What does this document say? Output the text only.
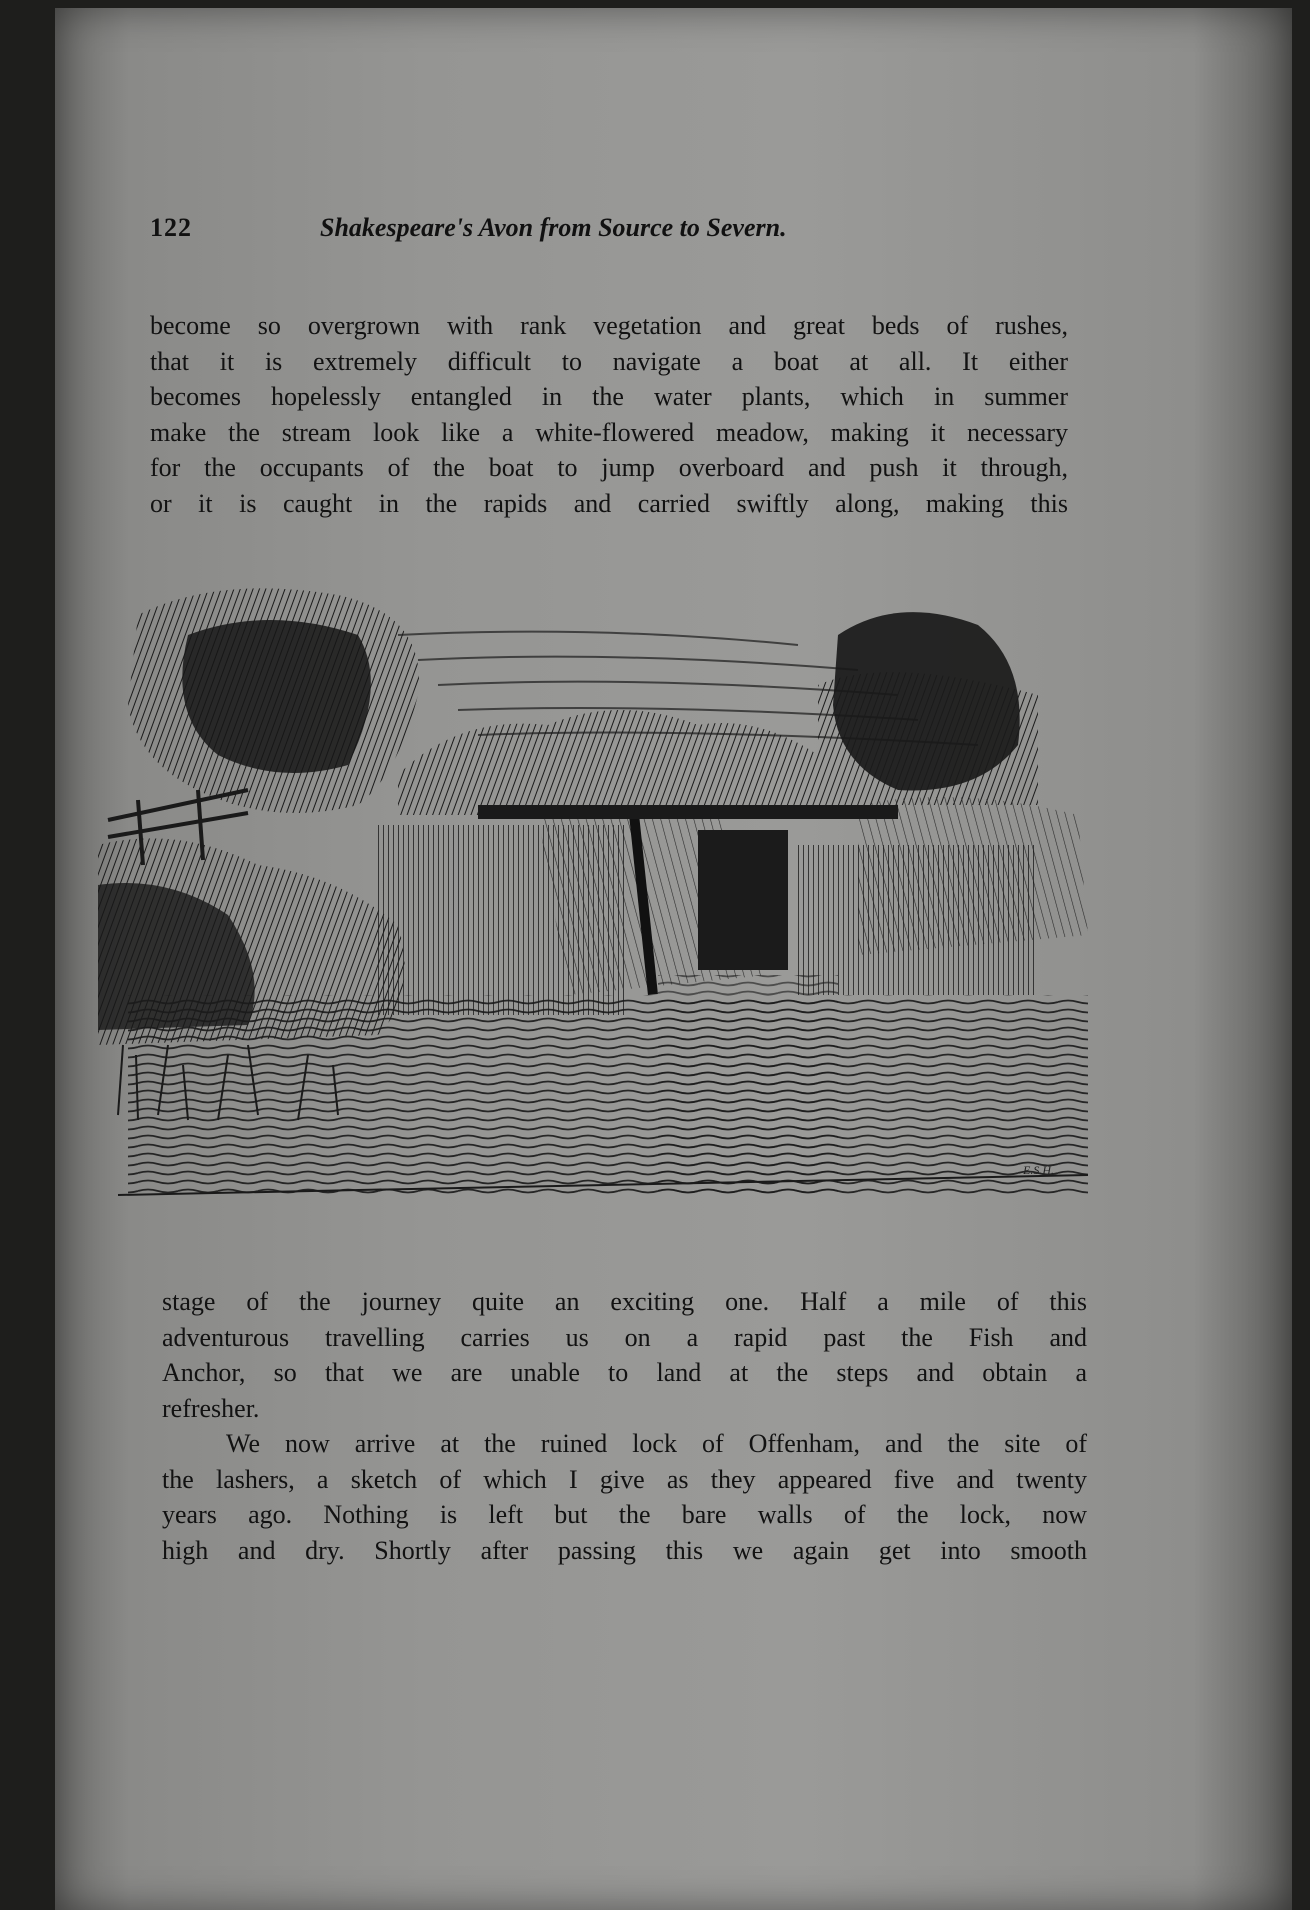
122	Shakespeare's Avon from Source to Severn.
become so overgrown with rank vegetation and great beds of rushes,
that it is extremely difficult to navigate a boat at all. It either
becomes hopelessly entangled in the water plants, which in summer
make the stream look like a white-flowered meadow, making it necessary
for the occupants of the boat to jump overboard and push it through,
or it is caught in the rapids and carried swiftly along, making this
E.S.H.
stage of the journey quite an exciting one. Half a mile of this
adventurous travelling carries us on a rapid past the Fish and
Anchor, so that we are unable to land at the steps and obtain a
refresher.
We now arrive at the ruined lock of Offenham, and the site of
the lashers, a sketch of which I give as they appeared five and twenty
years ago. Nothing is left but the bare walls of the lock, now
high and dry. Shortly after passing this we again get into smooth
